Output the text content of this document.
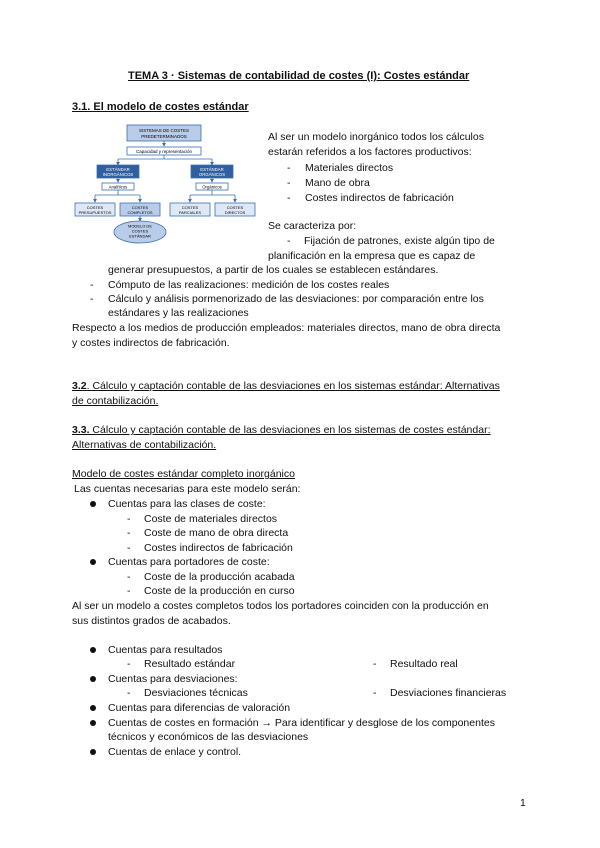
TEMA 3 · Sistemas de contabilidad de costes (I): Costes estándar
3.1. El modelo de costes estándar
SISTEMAS DE COSTES
PREDETERMINADOS
Capacidad y representación
ESTÁNDAR
INORGÁNICOS
ESTÁNDAR
ORGÁNICOS
Analíticos	Orgánicos
COSTES
PRESUPUESTOS
COSTES
COMPLETOS
COSTES
PARCIALES
COSTES
DIRECTOS
MODELO DE
COSTES
ESTÁNDAR
Al ser un modelo inorgánico todos los cálculos
estarán referidos a los factores productivos:
- Materiales directos
- Mano de obra
- Costes indirectos de fabricación
Se caracteriza por:
- Fijación de patrones, existe algún tipo de
planificación en la empresa que es capaz de
generar presupuestos, a partir de los cuales se establecen estándares.
- Cómputo de las realizaciones: medición de los costes reales
- Cálculo y análisis pormenorizado de las desviaciones: por comparación entre los
estándares y las realizaciones
Respecto a los medios de producción empleados: materiales directos, mano de obra directa
y costes indirectos de fabricación.
3.2. Cálculo y captación contable de las desviaciones en los sistemas estándar: Alternativas
de contabilización.
3.3. Cálculo y captación contable de las desviaciones en los sistemas de costes estándar:
Alternativas de contabilización.
Modelo de costes estándar completo inorgánico
Las cuentas necesarias para este modelo serán:
Cuentas para las clases de coste:
- Coste de materiales directos
- Coste de mano de obra directa
- Costes indirectos de fabricación
Cuentas para portadores de coste:
- Coste de la producción acabada
- Coste de la producción en curso
Al ser un modelo a costes completos todos los portadores coinciden con la producción en
sus distintos grados de acabados.
Cuentas para resultados
- Resultado estándar	- Resultado real
Cuentas para desviaciones:
- Desviaciones técnicas	- Desviaciones financieras
Cuentas para diferencias de valoración
Cuentas de costes en formación → Para identificar y desglose de los componentes
técnicos y económicos de las desviaciones
Cuentas de enlace y control.
1
